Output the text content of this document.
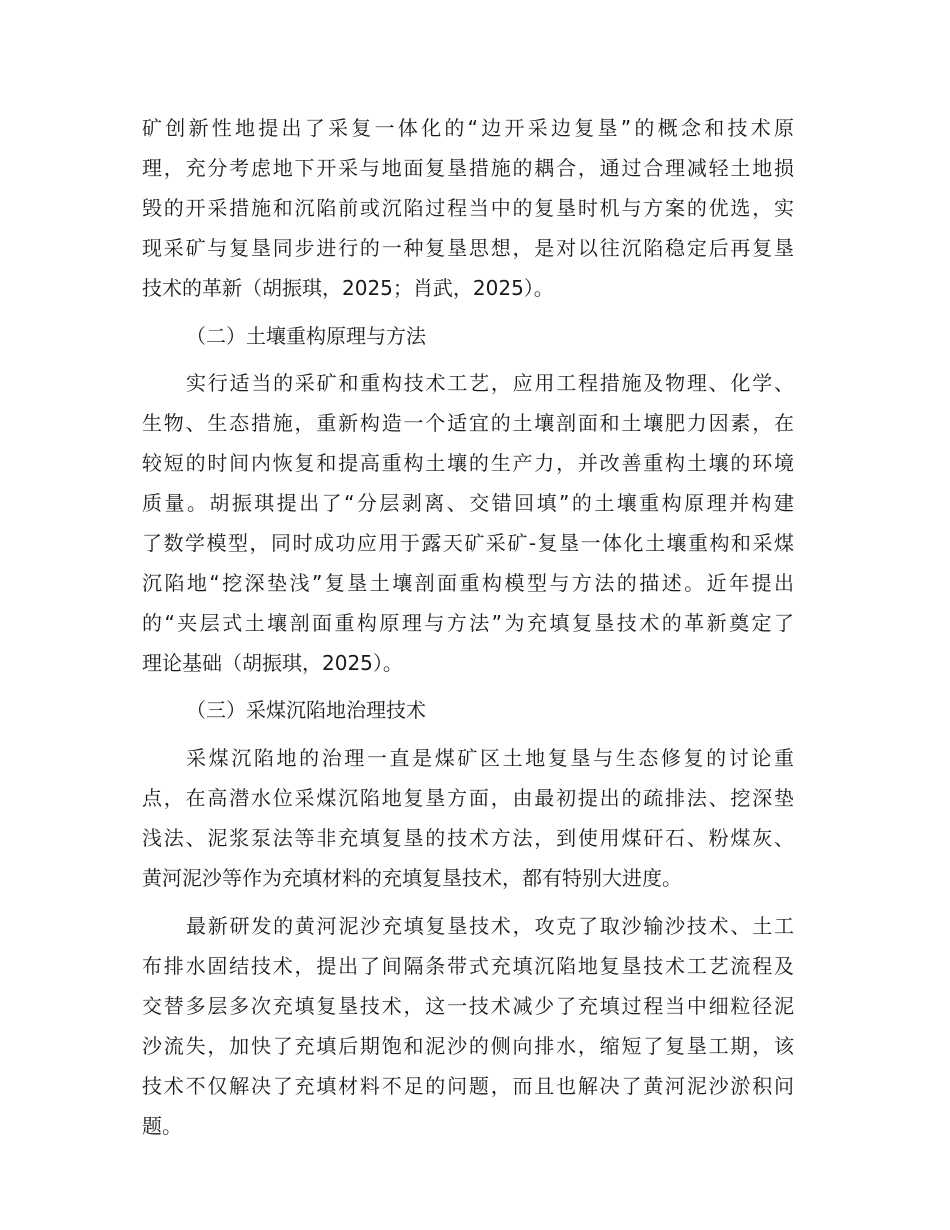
矿创新性地提出了采复一体化的“边开采边复垦”的概念和技术原
理，充分考虑地下开采与地面复垦措施的耦合，通过合理减轻土地损
毁的开采措施和沉陷前或沉陷过程当中的复垦时机与方案的优选，实
现采矿与复垦同步进行的一种复垦思想，是对以往沉陷稳定后再复垦
技术的革新（胡振琪，2025；肖武，2025）。
（二）土壤重构原理与方法
实行适当的采矿和重构技术工艺，应用工程措施及物理、化学、
生物、生态措施，重新构造一个适宜的土壤剖面和土壤肥力因素，在
较短的时间内恢复和提高重构土壤的生产力，并改善重构土壤的环境
质量。胡振琪提出了“分层剥离、交错回填”的土壤重构原理并构建
了数学模型，同时成功应用于露天矿采矿-复垦一体化土壤重构和采煤
沉陷地“挖深垫浅”复垦土壤剖面重构模型与方法的描述。近年提出
的“夹层式土壤剖面重构原理与方法”为充填复垦技术的革新奠定了
理论基础（胡振琪，2025）。
（三）采煤沉陷地治理技术
采煤沉陷地的治理一直是煤矿区土地复垦与生态修复的讨论重
点，在高潜水位采煤沉陷地复垦方面，由最初提出的疏排法、挖深垫
浅法、泥浆泵法等非充填复垦的技术方法，到使用煤矸石、粉煤灰、
黄河泥沙等作为充填材料的充填复垦技术，都有特别大进度。
最新研发的黄河泥沙充填复垦技术，攻克了取沙输沙技术、土工
布排水固结技术，提出了间隔条带式充填沉陷地复垦技术工艺流程及
交替多层多次充填复垦技术，这一技术减少了充填过程当中细粒径泥
沙流失，加快了充填后期饱和泥沙的侧向排水，缩短了复垦工期，该
技术不仅解决了充填材料不足的问题，而且也解决了黄河泥沙淤积问
题。
